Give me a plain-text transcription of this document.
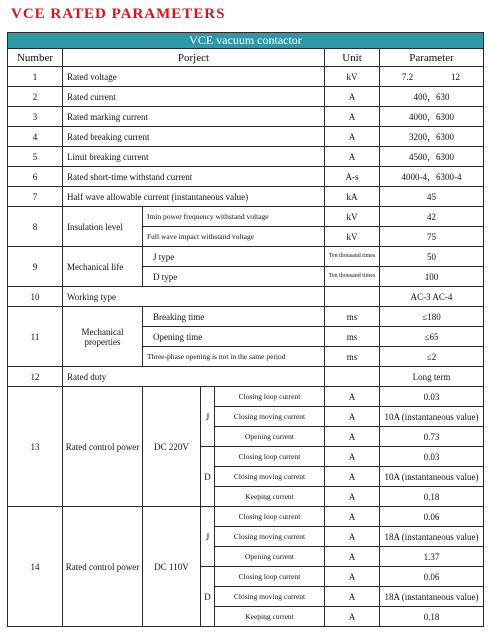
VCE RATED PARAMETERS
VCE vacuum contactor						
Number	Porject				Unit	Parameter
1	Rated voltage				kV	7.2 12
2	Rated current				A	400，630
3	Rated marking current				A	4000，6300
4	Rated breaking current				A	3200，6300
5	Limit breaking current				A	4500，6300
6	Rated short-time withstand current				A-s	4000-4，6300-4
7	Half wave allowable current (instantaneous value)				kA	45
8	Insulation level	Imin power frequency withstand voltage			kV	42
		Full wave impact withstand voltage			kV	75
9	Mechanical life	J type			Ten thousand times	50
		D type			Ten thousand times	100
10	Working type					AC-3 AC-4
11	Mechanical properties	Breaking time			ms	≤180
		Opening time			ms	≤65
		Three-phase opening is not in the same period			ms	≤2
12	Rated duty					Long term
13	Rated control power	DC 220V	J	Closing loop current	A	0.03
				Closing moving current	A	10A (instantaneous value)
				Opening current	A	0.73
			D	Closing loop current	A	0.03
				Closing moving current	A	10A (instantaneous value)
				Keeping current	A	0.18
14	Rated control power	DC 110V	J	Closing loop current	A	0.06
				Closing moving current	A	18A (instantaneous value)
				Opening current	A	1.37
			D	Closing loop current	A	0.06
				Closing moving current	A	18A (instantaneous value)
				Keeping current	A	0.18
